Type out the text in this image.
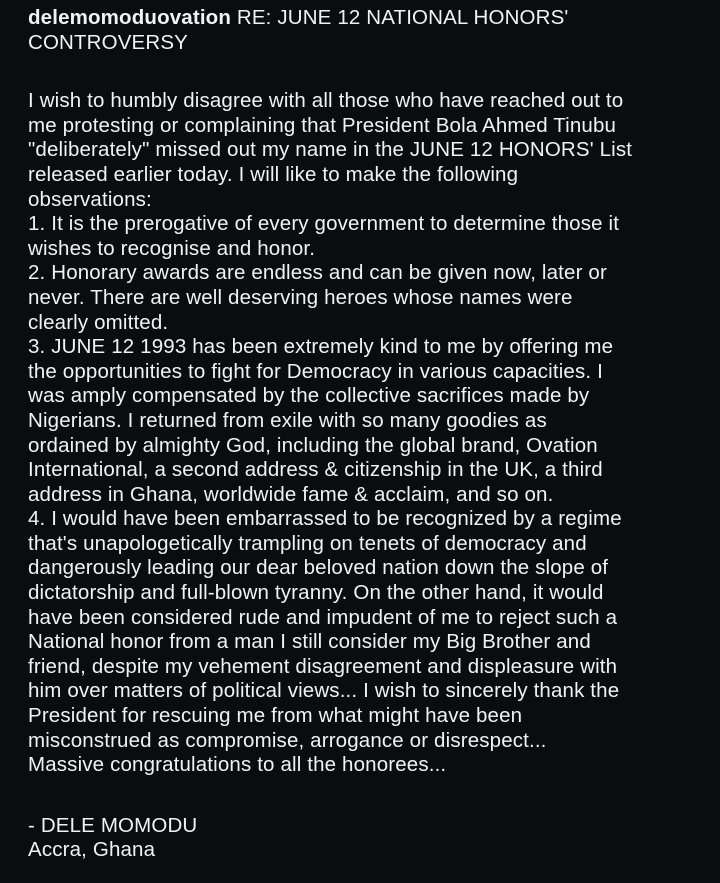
delemomoduovation RE: JUNE 12 NATIONAL HONORS'
CONTROVERSY
I wish to humbly disagree with all those who have reached out to
me protesting or complaining that President Bola Ahmed Tinubu
"deliberately" missed out my name in the JUNE 12 HONORS' List
released earlier today. I will like to make the following
observations:
1. It is the prerogative of every government to determine those it
wishes to recognise and honor.
2. Honorary awards are endless and can be given now, later or
never. There are well deserving heroes whose names were
clearly omitted.
3. JUNE 12 1993 has been extremely kind to me by offering me
the opportunities to fight for Democracy in various capacities. I
was amply compensated by the collective sacrifices made by
Nigerians. I returned from exile with so many goodies as
ordained by almighty God, including the global brand, Ovation
International, a second address & citizenship in the UK, a third
address in Ghana, worldwide fame & acclaim, and so on.
4. I would have been embarrassed to be recognized by a regime
that's unapologetically trampling on tenets of democracy and
dangerously leading our dear beloved nation down the slope of
dictatorship and full-blown tyranny. On the other hand, it would
have been considered rude and impudent of me to reject such a
National honor from a man I still consider my Big Brother and
friend, despite my vehement disagreement and displeasure with
him over matters of political views... I wish to sincerely thank the
President for rescuing me from what might have been
misconstrued as compromise, arrogance or disrespect...
Massive congratulations to all the honorees...
- DELE MOMODU
Accra, Ghana
